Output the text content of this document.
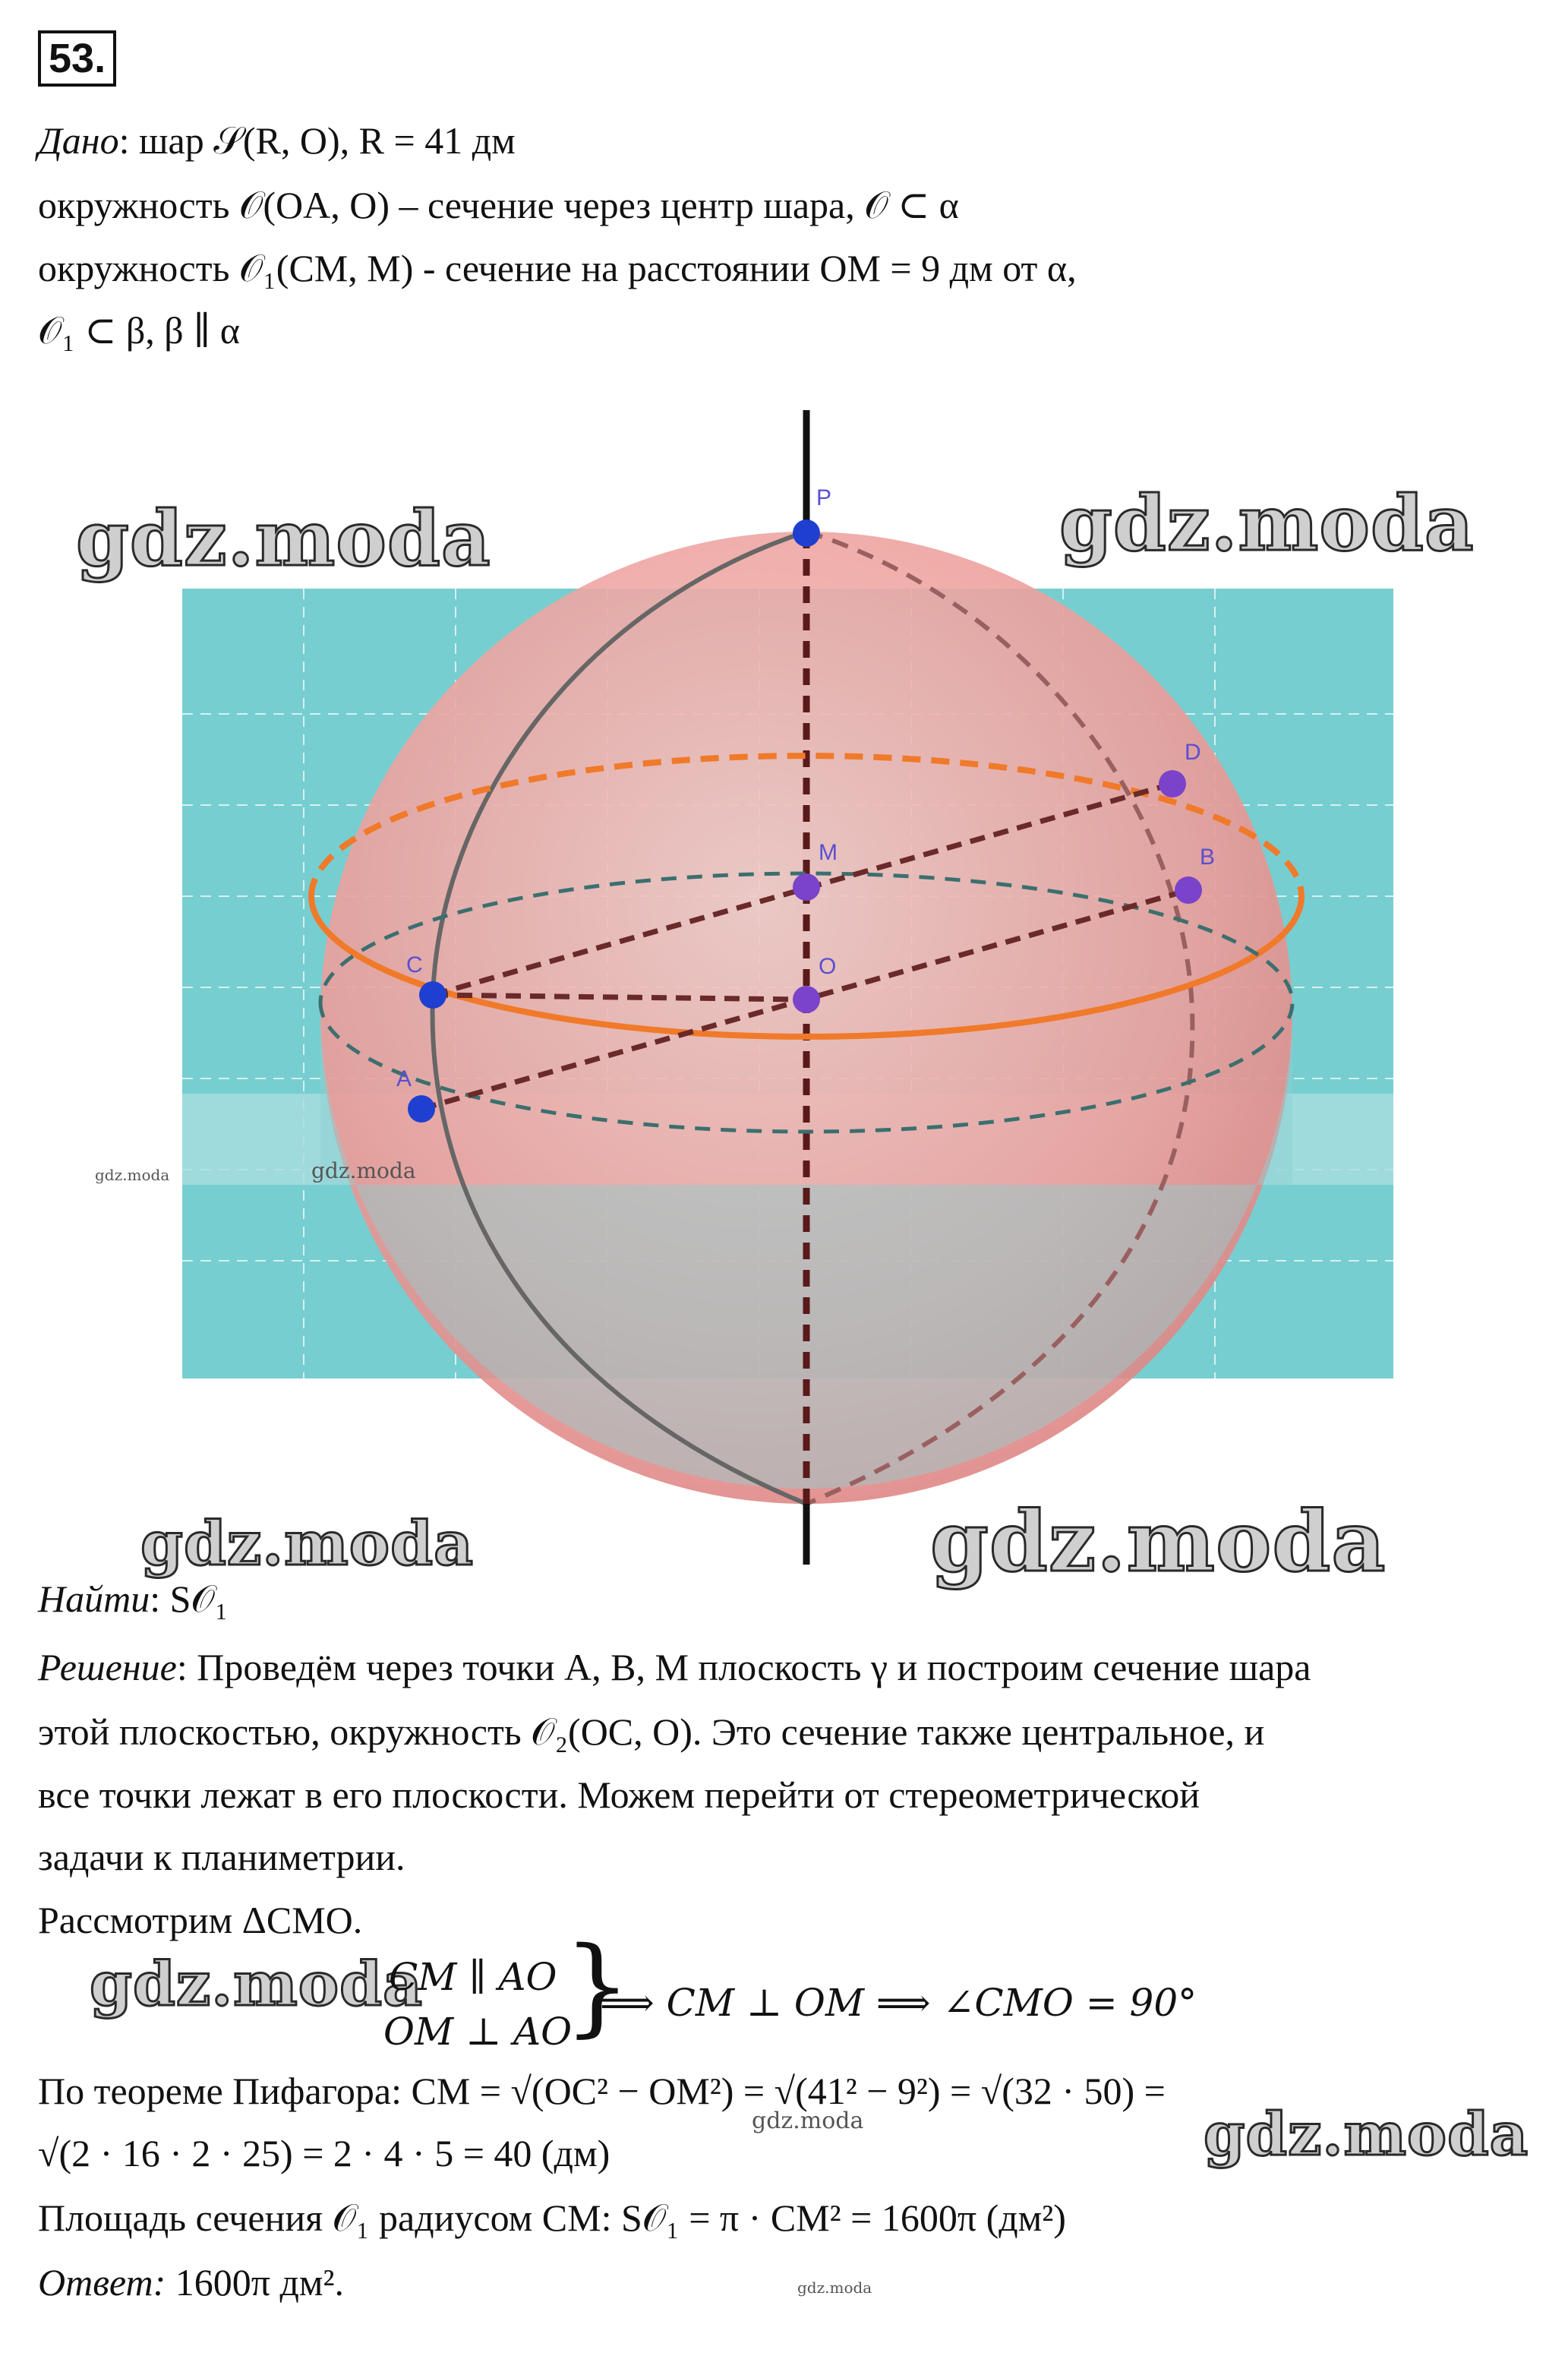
53.
Дано: шар 𝒮(R, O), R = 41 дм
окружность 𝒪(OA, O) – сечение через центр шара, 𝒪 ⊂ α
окружность 𝒪₁(CM, M) - сечение на расстоянии OM = 9 дм от α,
𝒪₁ ⊂ β, β ∥ α
P
D
M	B
C	O
A
gdz.moda	gdz.moda
gdz.moda	gdz.moda
gdz.moda	gdz.moda
Найти: S𝒪₁
Решение: Проведём через точки A, B, M плоскость γ и построим сечение шара
этой плоскостью, окружность 𝒪₂(OC, O). Это сечение также центральное, и
все точки лежат в его плоскости. Можем перейти от стереометрической
задачи к планиметрии.
Рассмотрим ΔCMO.
gdz.moda
CM ∥ AO
OM ⊥ AO
}
⟹ CM ⊥ OM ⟹ ∠CMO = 90°
По теореме Пифагора: CM = √(OC² − OM²) = √(41² − 9²) = √(32 · 50) =
gdz.moda
√(2 · 16 · 2 · 25) = 2 · 4 · 5 = 40 (дм)	gdz.moda
Площадь сечения 𝒪₁ радиусом CM: S𝒪₁ = π · CM² = 1600π (дм²)
Ответ: 1600π дм².	gdz.moda
